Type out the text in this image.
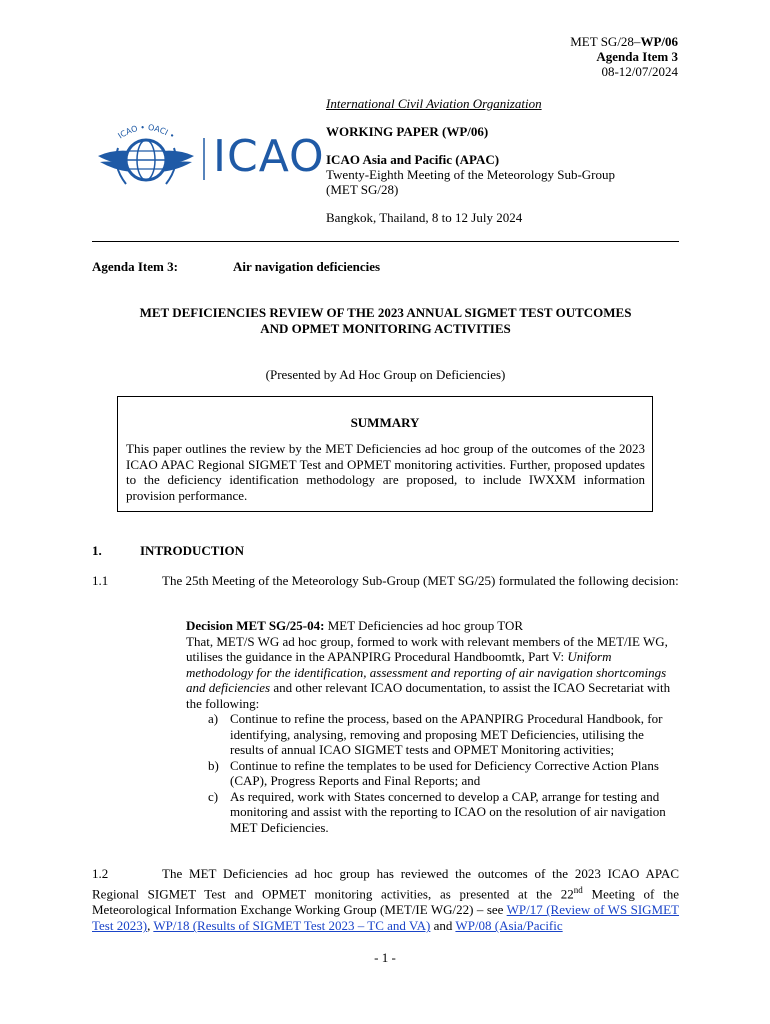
MET SG/28–WP/06
Agenda Item 3
08-12/07/2024
ICAO • OACI • ICAO
International Civil Aviation Organization
WORKING PAPER (WP/06)
ICAO Asia and Pacific (APAC)
Twenty-Eighth Meeting of the Meteorology Sub-Group
(MET SG/28)
Bangkok, Thailand, 8 to 12 July 2024
Agenda Item 3:	Air navigation deficiencies
MET DEFICIENCIES REVIEW OF THE 2023 ANNUAL SIGMET TEST OUTCOMES
AND OPMET MONITORING ACTIVITIES
(Presented by Ad Hoc Group on Deficiencies)
SUMMARY
This paper outlines the review by the MET Deficiencies ad hoc group of the outcomes of the 2023 ICAO APAC Regional SIGMET Test and OPMET monitoring activities. Further, proposed updates to the deficiency identification methodology are proposed, to include IWXXM information provision performance.
1.	INTRODUCTION
1.1	The 25th Meeting of the Meteorology Sub-Group (MET SG/25) formulated the following decision:
Decision MET SG/25-04: MET Deficiencies ad hoc group TOR
That, MET/S WG ad hoc group, formed to work with relevant members of the MET/IE WG, utilises the guidance in the APANPIRG Procedural Handboomtk, Part V: Uniform methodology for the identification, assessment and reporting of air navigation shortcomings and deficiencies and other relevant ICAO documentation, to assist the ICAO Secretariat with the following:
a) Continue to refine the process, based on the APANPIRG Procedural Handbook, for identifying, analysing, removing and proposing MET Deficiencies, utilising the results of annual ICAO SIGMET tests and OPMET Monitoring activities;
b) Continue to refine the templates to be used for Deficiency Corrective Action Plans (CAP), Progress Reports and Final Reports; and
c) As required, work with States concerned to develop a CAP, arrange for testing and monitoring and assist with the reporting to ICAO on the resolution of air navigation MET Deficiencies.
1.2	The MET Deficiencies ad hoc group has reviewed the outcomes of the 2023 ICAO APAC Regional SIGMET Test and OPMET monitoring activities, as presented at the 22nd Meeting of the Meteorological Information Exchange Working Group (MET/IE WG/22) – see WP/17 (Review of WS SIGMET Test 2023), WP/18 (Results of SIGMET Test 2023 – TC and VA) and WP/08 (Asia/Pacific
- 1 -
